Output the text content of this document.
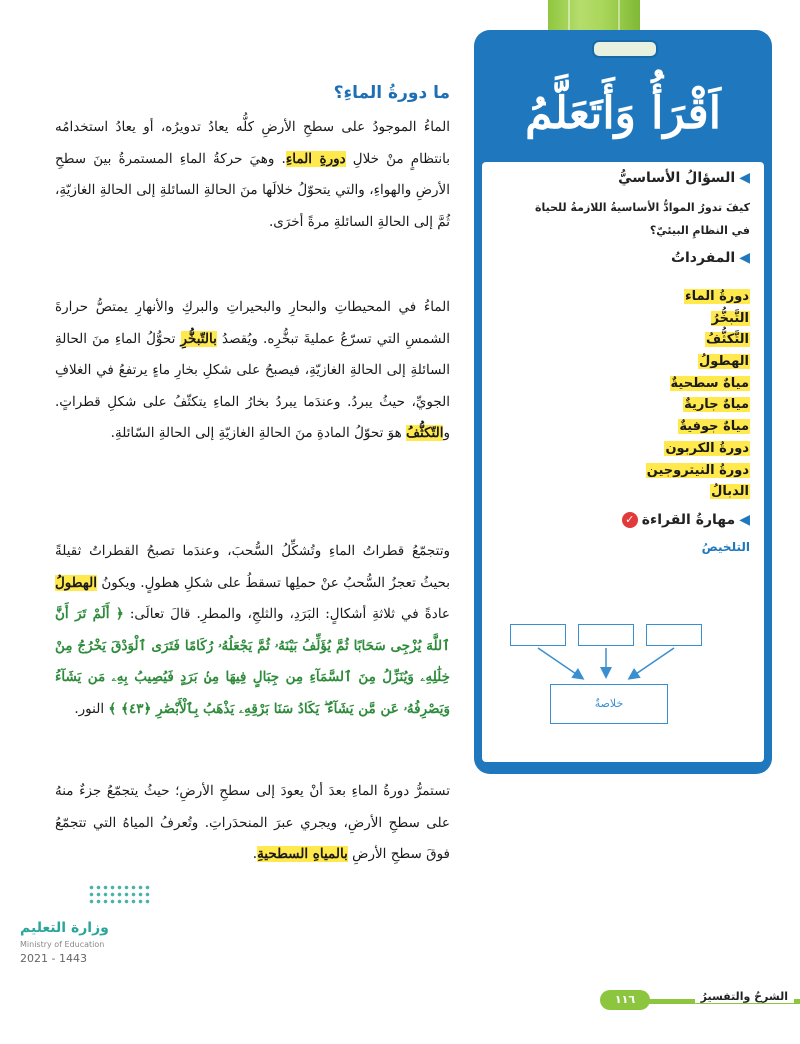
اَقْرَأُ وَأَتَعَلَّمُ
◀
السؤالُ الأساسيُّ
كيفَ تدورُ الموادُّ الأساسيةُ اللازمةُ للحياة
في النظامِ البيئيّ؟
◀
المفرداتُ
دورةُ الماء
التَّبخُّرُ
التَّكثُّفُ
الهطولُ
مياهٌ سطحيةٌ
مياهٌ جاريةٌ
مياهٌ جوفيةٌ
دورةُ الكربون
دورةُ النيتروجين
الدبالُ
◀
مهارةُ القراءة
✓
التلخيصُ
خلاصةٌ
ما دورةُ الماءِ؟
الماءُ الموجودُ على سطحِ الأرضِ كلُّه يعادُ تدويرُه، أو يعادُ استخدامُه بانتظامٍ منْ خلالِ دورةِ الماءِ. وهيَ حركةُ الماءِ المستمرةُ بينَ سطحِ الأرضِ والهواءِ، والتي يتحوّلُ خلالَها منَ الحالةِ السائلةِ إلى الحالةِ الغازيّةِ، ثُمَّ إلى الحالةِ السائلةِ مرةً أخرَى.
الماءُ في المحيطاتِ والبحارِ والبحيراتِ والبركِ والأنهارِ يمتصُّ حرارةَ الشمسِ التي تسرّعُ عمليةَ تبخُّرِه. ويُقصدُ بالتّبخُّرِ تحوُّلُ الماءِ منَ الحالةِ السائلةِ إلى الحالةِ الغازيّةِ، فيصبحُ على شكلِ بخارِ ماءٍ يرتفعُ في الغلافِ الجويِّ، حيثُ يبردُ. وعندَما يبردُ بخارُ الماءِ يتكثّفُ على شكلِ قطراتٍ. والتّكثُّفُ هوَ تحوّلُ المادةِ منَ الحالةِ الغازيّةِ إلى الحالةِ السّائلةِ.
وتتجمّعُ قطراتُ الماءِ وتُشكِّلُ السُّحبَ، وعندَما تصبحُ القطراتُ ثقيلةً بحيثُ تعجزُ السُّحبُ عنْ حملِها تسقطُ على شكلِ هطولٍ. ويكونُ الهطولُ عادةً في ثلاثةِ أشكالٍ: البَرَدِ، والثلجِ، والمطرِ. قالَ تعالَى: ﴿ أَلَمْ تَرَ أَنَّ ٱللَّهَ يُزْجِى سَحَابًا ثُمَّ يُؤَلِّفُ بَيْنَهُۥ ثُمَّ يَجْعَلُهُۥ رُكَامًا فَتَرَى ٱلْوَدْقَ يَخْرُجُ مِنْ خِلَٰلِهِۦ وَيُنَزِّلُ مِنَ ٱلسَّمَآءِ مِن جِبَالٍ فِيهَا مِنۢ بَرَدٍ فَيُصِيبُ بِهِۦ مَن يَشَآءُ وَيَصْرِفُهُۥ عَن مَّن يَشَآءُ ۖ يَكَادُ سَنَا بَرْقِهِۦ يَذْهَبُ بِٱلْأَبْصَٰرِ ﴿٤٣﴾ ﴾ النور.
تستمرُّ دورةُ الماءِ بعدَ أنْ يعودَ إلى سطحِ الأرضِ؛ حيثُ يتجمّعُ جزءٌ منهُ على سطحِ الأرضِ، ويجري عبرَ المنحدَراتِ. وتُعرفُ المياهُ التي تتجمّعُ فوقَ سطحِ الأرضِ بالمياهِ السطحيةِ.
وزارة التعليم
Ministry of Education
2021 - 1443
الشرحُ والتفسيرُ
١١٦
